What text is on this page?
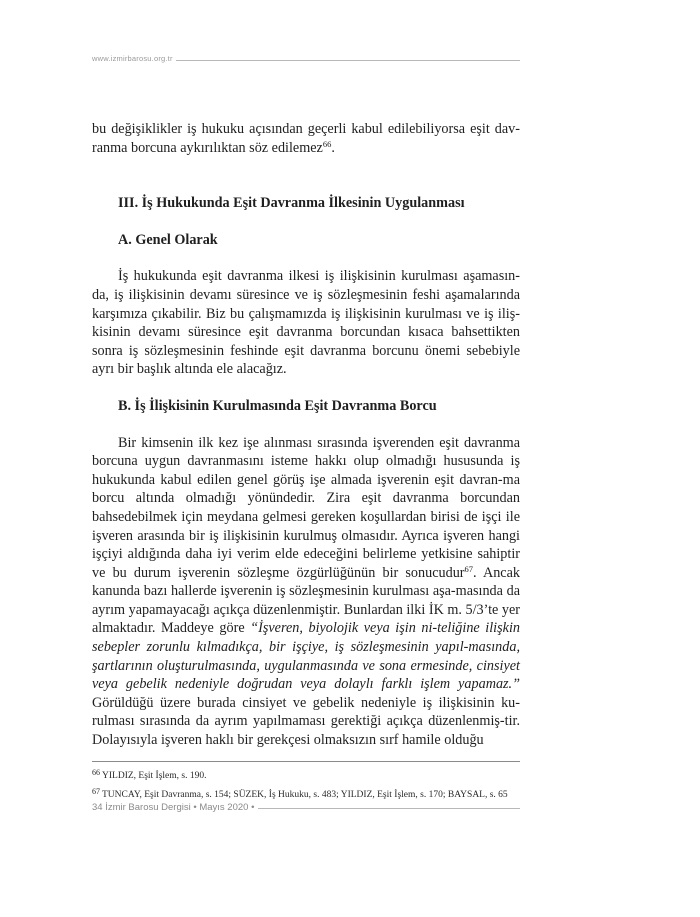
www.izmirbarosu.org.tr

bu değişiklikler iş hukuku açısından geçerli kabul edilebiliyorsa eşit dav-ranma borcuna aykırılıktan söz edilemez$^{66}$.

III. İş Hukukunda Eşit Davranma İlkesinin Uygulanması

A. Genel Olarak

İş hukukunda eşit davranma ilkesi iş ilişkisinin kurulması aşamasın-da, iş ilişkisinin devamı süresince ve iş sözleşmesinin feshi aşamalarında karşımıza çıkabilir. Biz bu çalışmamızda iş ilişkisinin kurulması ve iş iliş-kisinin devamı süresince eşit davranma borcundan kısaca bahsettikten sonra iş sözleşmesinin feshinde eşit davranma borcunu önemi sebebiyle ayrı bir başlık altında ele alacağız.

B. İş İlişkisinin Kurulmasında Eşit Davranma Borcu

Bir kimsenin ilk kez işe alınması sırasında işverenden eşit davranma borcuna uygun davranmasını isteme hakkı olup olmadığı hususunda iş hukukunda kabul edilen genel görüş işe almada işverenin eşit davran-ma borcu altında olmadığı yönündedir. Zira eşit davranma borcundan bahsedebilmek için meydana gelmesi gereken koşullardan birisi de işçi ile işveren arasında bir iş ilişkisinin kurulmuş olmasıdır. Ayrıca işveren hangi işçiyi aldığında daha iyi verim elde edeceğini belirleme yetkisine sahiptir ve bu durum işverenin sözleşme özgürlüğünün bir sonucudur$^{67}$. Ancak kanunda bazı hallerde işverenin iş sözleşmesinin kurulması aşa-masında da ayrım yapamayacağı açıkça düzenlenmiştir. Bunlardan ilki İK m. 5/3’te yer almaktadır. Maddeye göre “İşveren, biyolojik veya işin ni-teliğine ilişkin sebepler zorunlu kılmadıkça, bir işçiye, iş sözleşmesinin yapıl-masında, şartlarının oluşturulmasında, uygulanmasında ve sona ermesinde, cinsiyet veya gebelik nedeniyle doğrudan veya dolaylı farklı işlem yapamaz.” Görüldüğü üzere burada cinsiyet ve gebelik nedeniyle iş ilişkisinin ku-rulması sırasında da ayrım yapılmaması gerektiği açıkça düzenlenmiş-tir. Dolayısıyla işveren haklı bir gerekçesi olmaksızın sırf hamile olduğu

$^{66}$ YILDIZ, Eşit İşlem, s. 190.

$^{67}$ TUNCAY, Eşit Davranma, s. 154; SÜZEK, İş Hukuku, s. 483; YILDIZ, Eşit İşlem, s. 170; BAYSAL, s. 65

34 İzmir Barosu Dergisi • Mayıs 2020 •
